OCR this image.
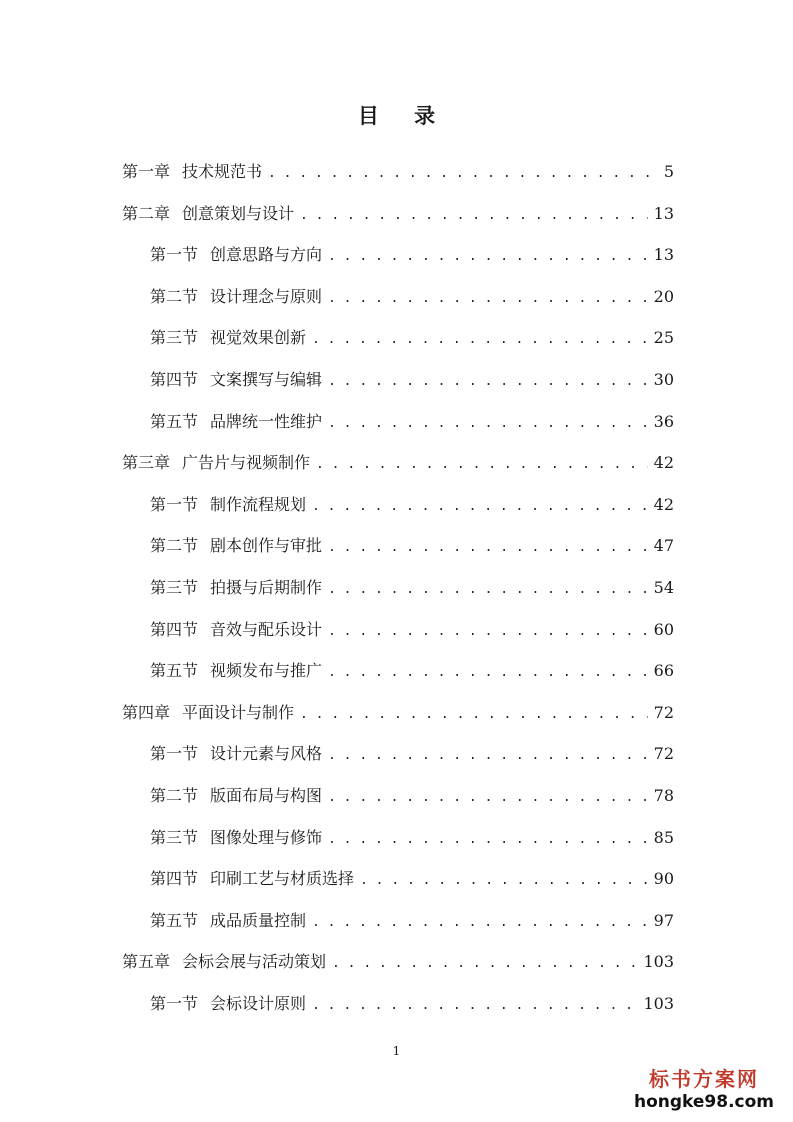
目 录
第一章 技术规范书 . . .	5
第二章 创意策划与设计 . . .	13
第一节 创意思路与方向 . . .	13
第二节 设计理念与原则 . . .	20
第三节 视觉效果创新 . . .	25
第四节 文案撰写与编辑 . . .	30
第五节 品牌统一性维护 . . .	36
第三章 广告片与视频制作 . . .	42
第一节 制作流程规划 . . .	42
第二节 剧本创作与审批 . . .	47
第三节 拍摄与后期制作 . . .	54
第四节 音效与配乐设计 . . .	60
第五节 视频发布与推广 . . .	66
第四章 平面设计与制作 . . .	72
第一节 设计元素与风格 . . .	72
第二节 版面布局与构图 . . .	78
第三节 图像处理与修饰 . . .	85
第四节 印刷工艺与材质选择 . . .	90
第五节 成品质量控制 . . .	97
第五章 会标会展与活动策划 . . .	103
第一节 会标设计原则 . . .	103
1
标书方案网
hongke98.com
